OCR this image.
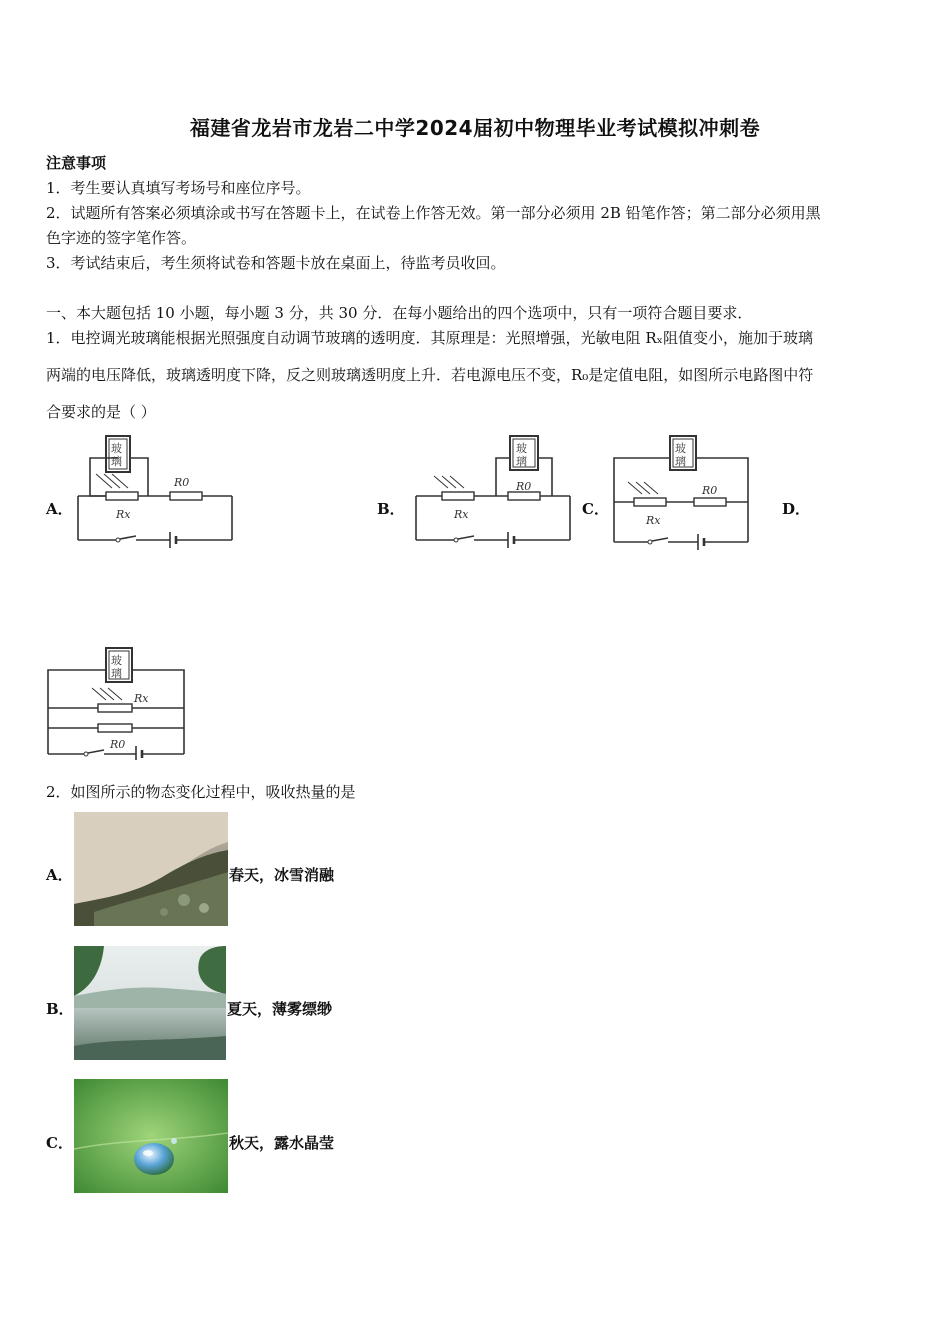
福建省龙岩市龙岩二中学2024届初中物理毕业考试模拟冲刺卷
注意事项
1．考生要认真填写考场号和座位序号。
2．试题所有答案必须填涂或书写在答题卡上，在试卷上作答无效。第一部分必须用 2B 铅笔作答；第二部分必须用黑
色字迹的签字笔作答。
3．考试结束后，考生须将试卷和答题卡放在桌面上，待监考员收回。
一、本大题包括 10 小题，每小题 3 分，共 30 分．在每小题给出的四个选项中，只有一项符合题目要求．
1．电控调光玻璃能根据光照强度自动调节玻璃的透明度．其原理是：光照增强，光敏电阻 Rₓ阻值变小，施加于玻璃
两端的电压降低，玻璃透明度下降，反之则玻璃透明度上升．若电源电压不变，R₀是定值电阻，如图所示电路图中符
合要求的是（ ）
A．	B．	C．	D．
玻
璃
Rx
R0
玻
璃
Rx
R0
玻
璃
Rx
R0
玻
璃
Rx
R0
2．如图所示的物态变化过程中，吸收热量的是
A．	春天，冰雪消融
B．	夏天，薄雾缥缈
C．	秋天，露水晶莹
